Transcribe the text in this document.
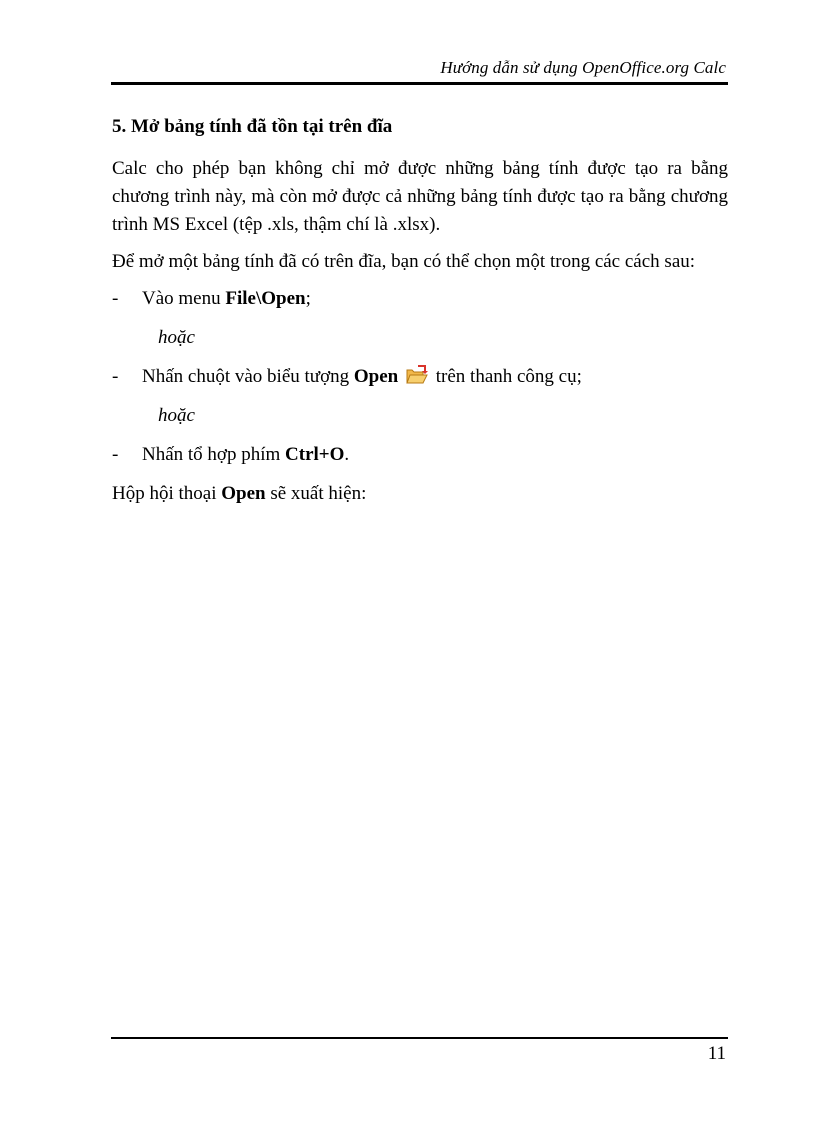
Hướng dẫn sử dụng OpenOffice.org Calc
5. Mở bảng tính đã tồn tại trên đĩa

Calc cho phép bạn không chỉ mở được những bảng tính được tạo ra bằng chương trình này, mà còn mở được cả những bảng tính được tạo ra bằng chương trình MS Excel (tệp .xls, thậm chí là .xlsx).

Để mở một bảng tính đã có trên đĩa, bạn có thể chọn một trong các cách sau:

- Vào menu File\Open;
hoặc
- Nhấn chuột vào biểu tượng Open  trên thanh công cụ;
hoặc
- Nhấn tổ hợp phím Ctrl+O.

Hộp hội thoại Open sẽ xuất hiện:

11
